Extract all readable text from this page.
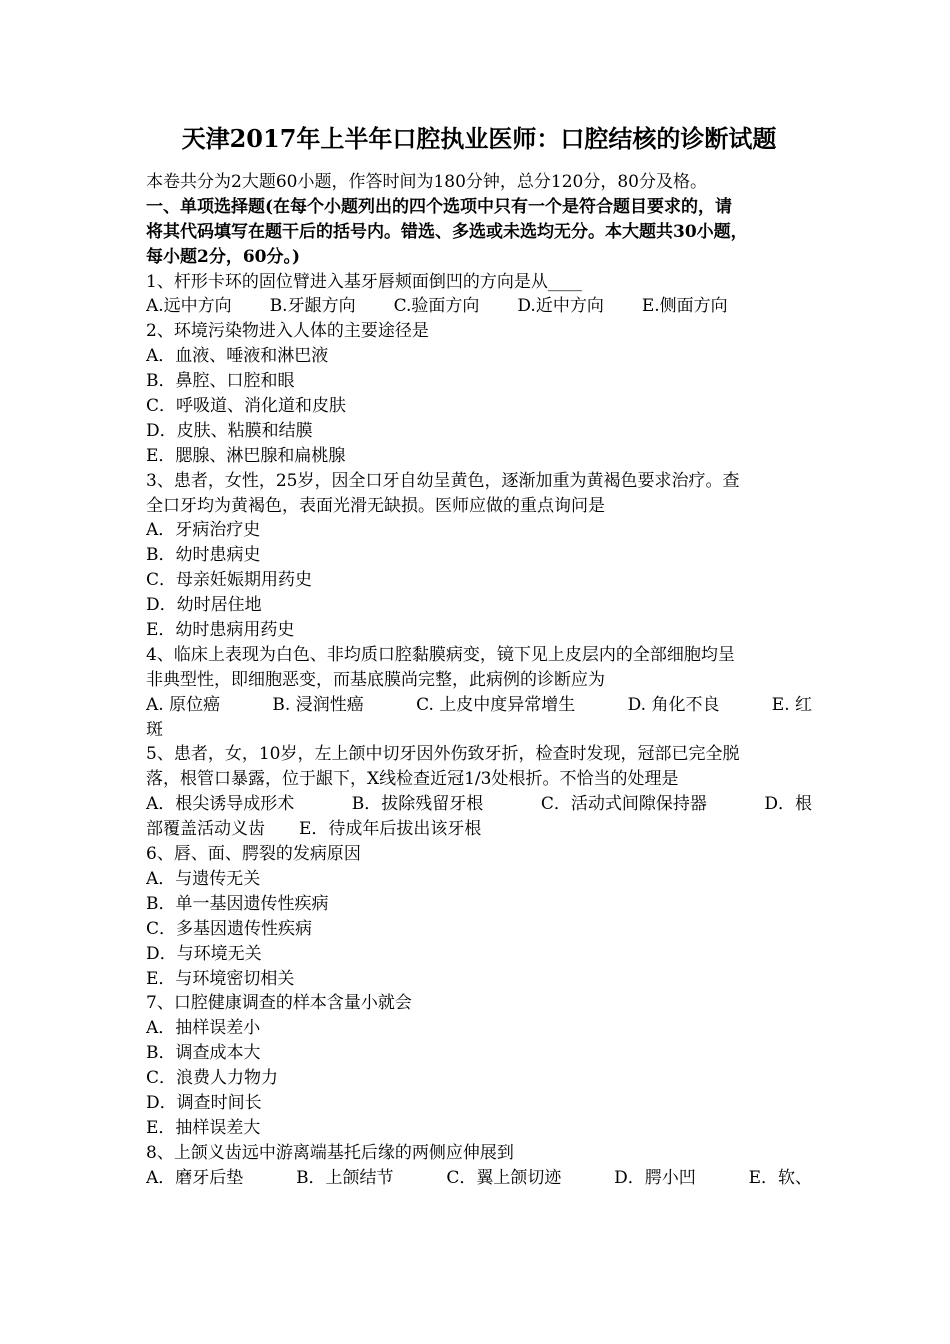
天津2017年上半年口腔执业医师：口腔结核的诊断试题
本卷共分为2大题60小题，作答时间为180分钟，总分120分，80分及格。
一、单项选择题(在每个小题列出的四个选项中只有一个是符合题目要求的，请
将其代码填写在题干后的括号内。错选、多选或未选均无分。本大题共30小题，
每小题2分，60分。)
1、杆形卡环的固位臂进入基牙唇颊面倒凹的方向是从____
A.远中方向 B.牙龈方向 C.验面方向 D.近中方向 E.侧面方向
2、环境污染物进入人体的主要途径是
A．血液、唾液和淋巴液
B．鼻腔、口腔和眼
C．呼吸道、消化道和皮肤
D．皮肤、粘膜和结膜
E．腮腺、淋巴腺和扁桃腺
3、患者，女性，25岁，因全口牙自幼呈黄色，逐渐加重为黄褐色要求治疗。查
全口牙均为黄褐色，表面光滑无缺损。医师应做的重点询问是
A．牙病治疗史
B．幼时患病史
C．母亲妊娠期用药史
D．幼时居住地
E．幼时患病用药史
4、临床上表现为白色、非均质口腔黏膜病变，镜下见上皮层内的全部细胞均呈
非典型性，即细胞恶变，而基底膜尚完整，此病例的诊断应为
A. 原位癌	B. 浸润性癌	C. 上皮中度异常增生	D. 角化不良	E. 红
斑
5、患者，女，10岁，左上颌中切牙因外伤致牙折，检查时发现，冠部已完全脱
落，根管口暴露，位于龈下，X线检查近冠1/3处根折。不恰当的处理是
A．根尖诱导成形术	B．拔除残留牙根	C．活动式间隙保持器	D．根
部覆盖活动义齿　　E．待成年后拔出该牙根
6、唇、面、腭裂的发病原因
A．与遗传无关
B．单一基因遗传性疾病
C．多基因遗传性疾病
D．与环境无关
E．与环境密切相关
7、口腔健康调查的样本含量小就会
A．抽样误差小
B．调查成本大
C．浪费人力物力
D．调查时间长
E．抽样误差大
8、上颌义齿远中游离端基托后缘的两侧应伸展到
A．磨牙后垫	B．上颌结节	C．翼上颌切迹	D．腭小凹	E．软、
